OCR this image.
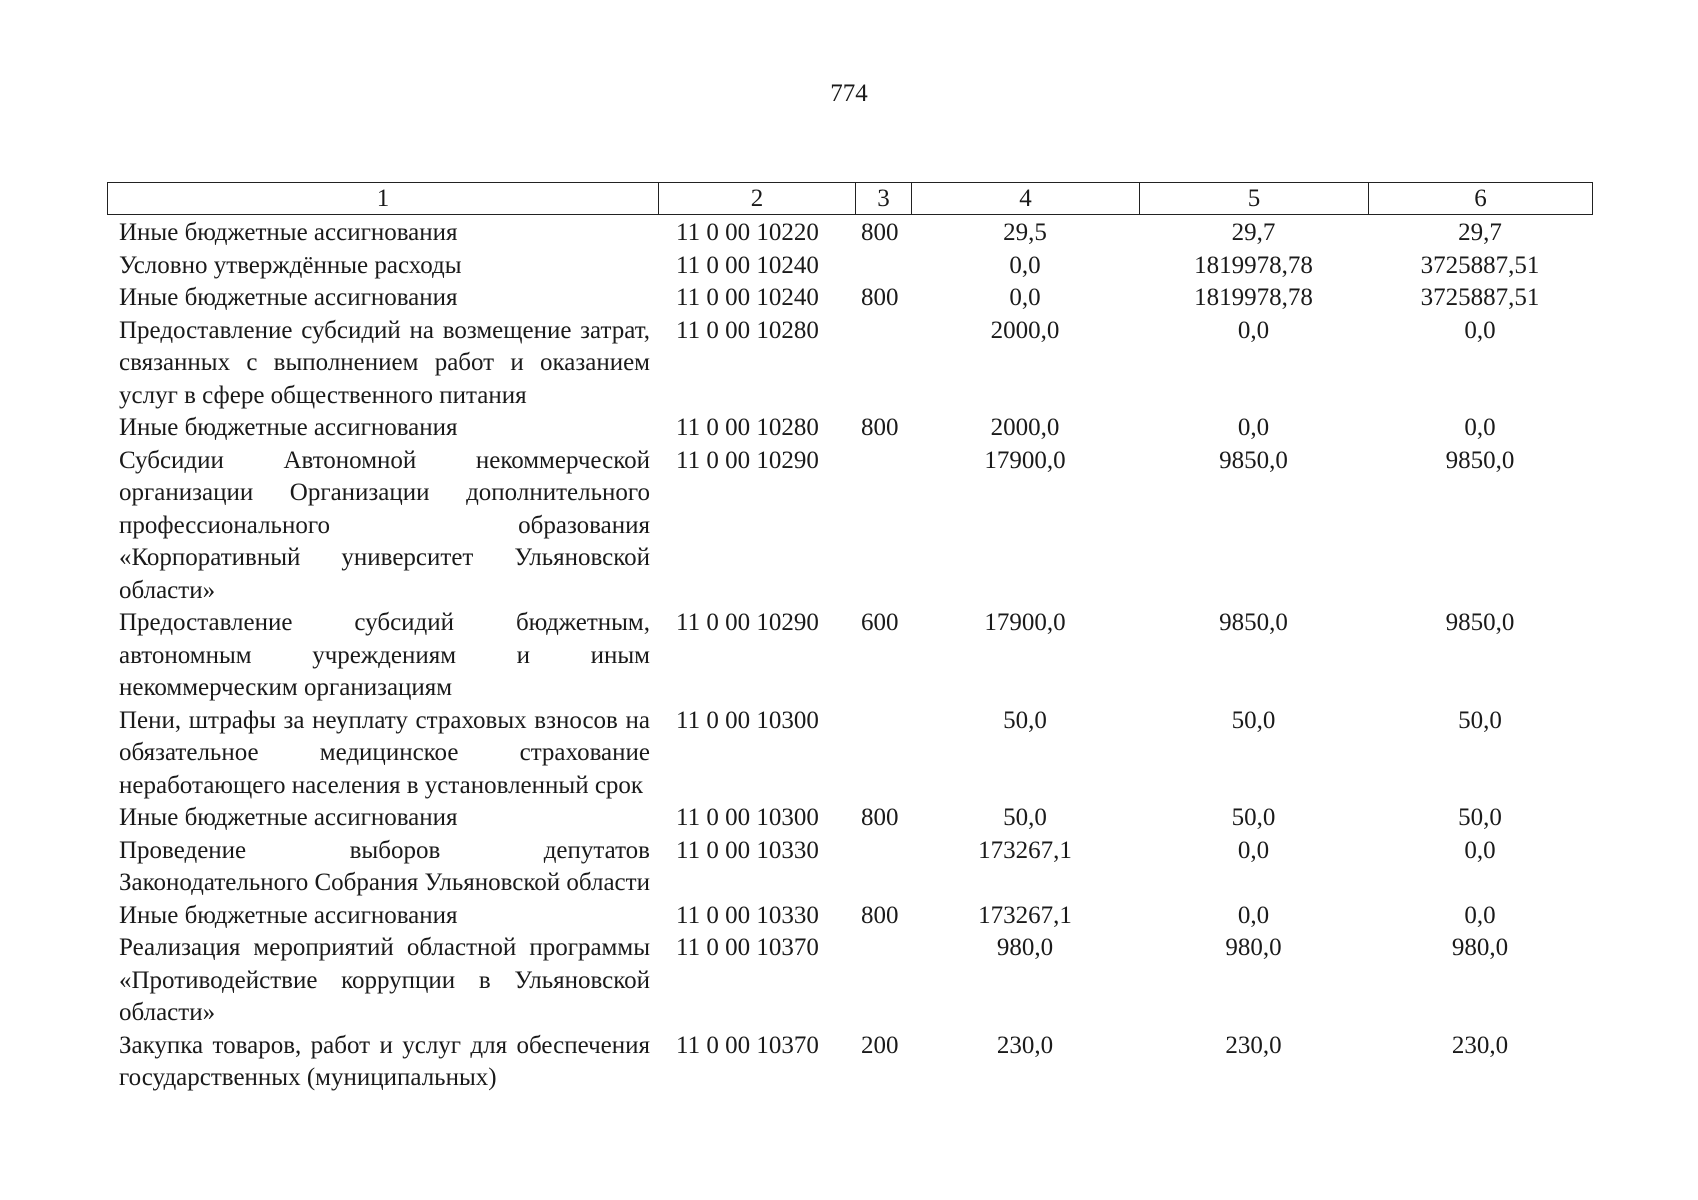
774
1	2	3	4	5	6
Иные бюджетные ассигнования	11 0 00 10220	800	29,5	29,7	29,7
Условно утверждённые расходы	11 0 00 10240		0,0	1819978,78	3725887,51
Иные бюджетные ассигнования	11 0 00 10240	800	0,0	1819978,78	3725887,51
Предоставление субсидий на возмещение затрат, связанных с выполнением работ и оказанием услуг в сфере общественного питания	11 0 00 10280		2000,0	0,0	0,0
Иные бюджетные ассигнования	11 0 00 10280	800	2000,0	0,0	0,0
Субсидии Автономной некоммерческой организации Организации дополнительного профессионального образования «Корпоративный университет Ульяновской области»	11 0 00 10290		17900,0	9850,0	9850,0
Предоставление субсидий бюджетным, автономным учреждениям и иным некоммерческим организациям	11 0 00 10290	600	17900,0	9850,0	9850,0
Пени, штрафы за неуплату страховых взносов на обязательное медицинское страхование неработающего населения в установленный срок	11 0 00 10300		50,0	50,0	50,0
Иные бюджетные ассигнования	11 0 00 10300	800	50,0	50,0	50,0
Проведение выборов депутатов Законодательного Собрания Ульяновской области	11 0 00 10330		173267,1	0,0	0,0
Иные бюджетные ассигнования	11 0 00 10330	800	173267,1	0,0	0,0
Реализация мероприятий областной программы «Противодействие коррупции в Ульяновской области»	11 0 00 10370		980,0	980,0	980,0
Закупка товаров, работ и услуг для обеспечения государственных (муниципальных)	11 0 00 10370	200	230,0	230,0	230,0
